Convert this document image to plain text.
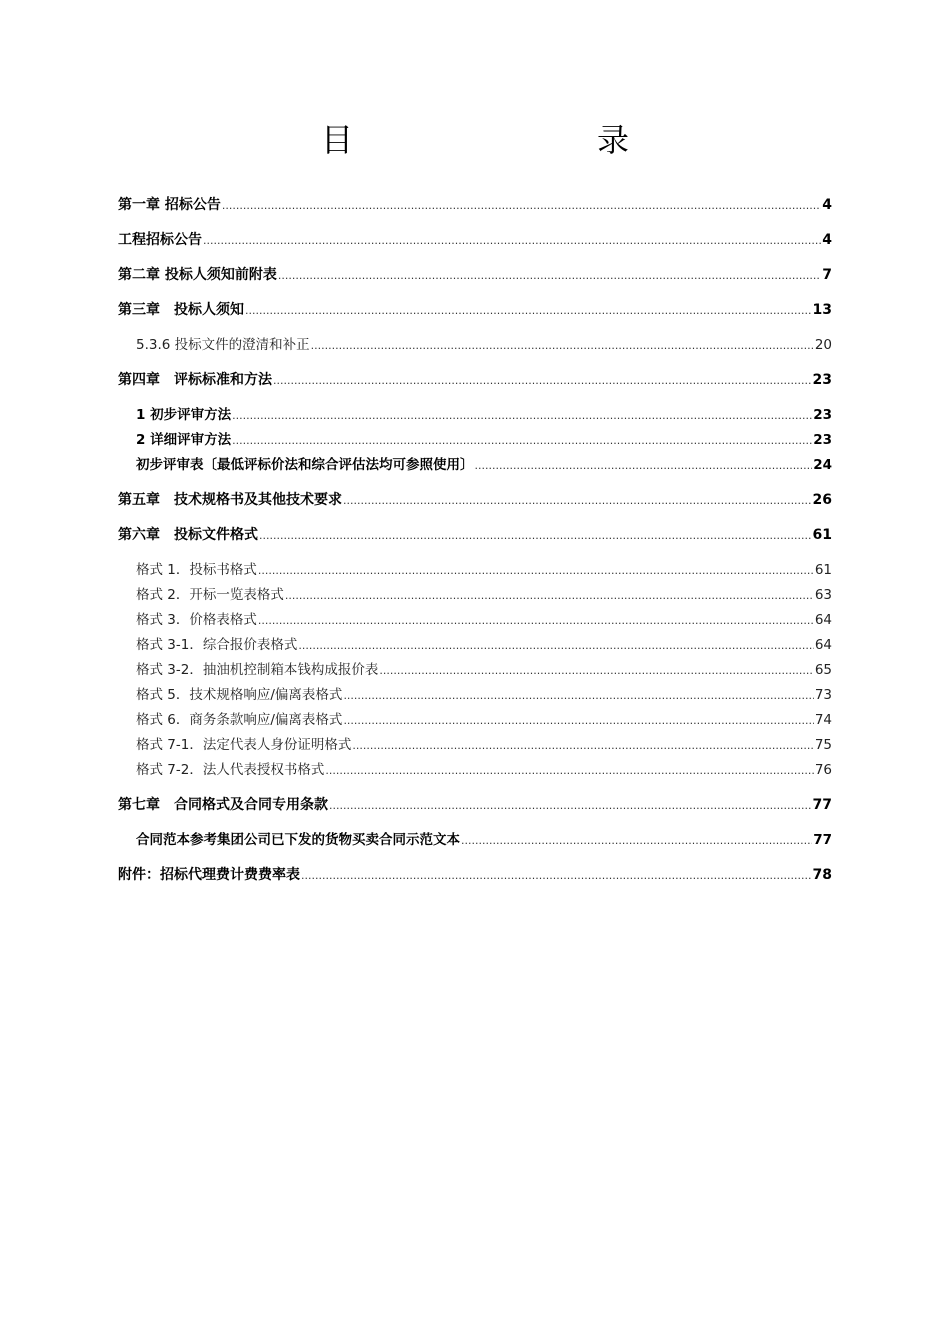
目　　录
第一章 招标公告 .....	4
工程招标公告 .....	4
第二章 投标人须知前附表 .....	7
第三章　投标人须知 .....	13
5.3.6 投标文件的澄清和补正 .....	20
第四章　评标标准和方法 .....	23
1 初步评审方法 .....	23
2 详细评审方法 .....	23
初步评审表〔最低评标价法和综合评估法均可参照使用〕 .....	24
第五章　技术规格书及其他技术要求 .....	26
第六章　投标文件格式 .....	61
格式 1．投标书格式 .....	61
格式 2．开标一览表格式 .....	63
格式 3．价格表格式 .....	64
格式 3-1．综合报价表格式 .....	64
格式 3-2．抽油机控制箱本钱构成报价表 .....	65
格式 5．技术规格响应/偏离表格式 .....	73
格式 6．商务条款响应/偏离表格式 .....	74
格式 7-1．法定代表人身份证明格式 .....	75
格式 7-2．法人代表授权书格式 .....	76
第七章　合同格式及合同专用条款 .....	77
合同范本参考集团公司已下发的货物买卖合同示范文本 .....	77
附件：招标代理费计费费率表 .....	78
